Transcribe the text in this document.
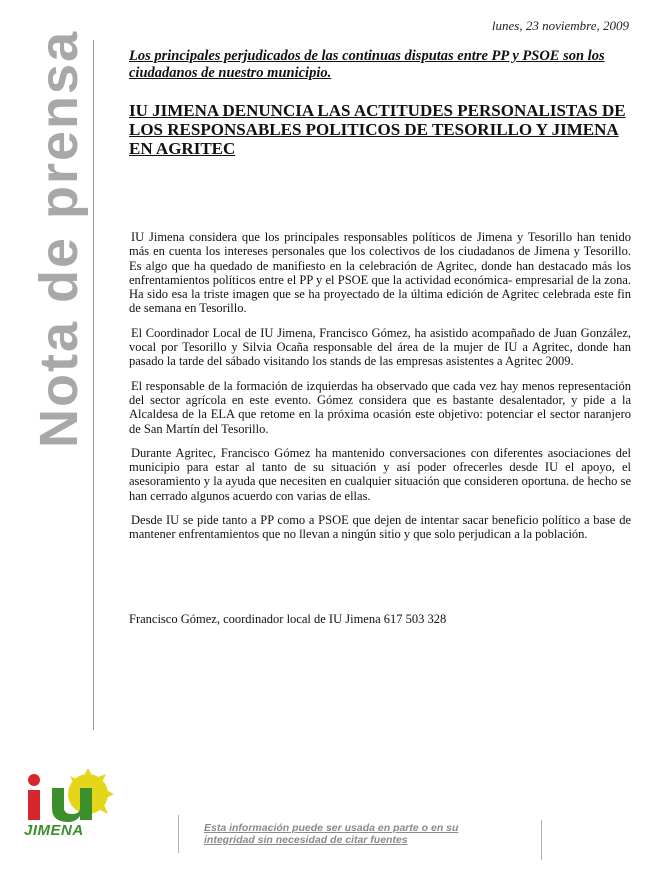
lunes, 23 noviembre, 2009
Nota de prensa	Los principales perjudicados de las continuas disputas entre PP y PSOE son los ciudadanos de nuestro municipio.
IU JIMENA DENUNCIA LAS ACTITUDES PERSONALISTAS DE LOS RESPONSABLES POLITICOS DE TESORILLO Y JIMENA EN AGRITEC

IU Jimena considera que los principales responsables políticos de Jimena y Tesorillo han tenido más en cuenta los intereses personales que los colectivos de los ciudadanos de Jimena y Tesorillo. Es algo que ha quedado de manifiesto en la celebración de Agritec, donde han destacado más los enfrentamientos políticos entre el PP y el PSOE que la actividad económica- empresarial de la zona. Ha sido esa la triste imagen que se ha proyectado de la última edición de Agritec celebrada este fin de semana en Tesorillo.

El Coordinador Local de IU Jimena, Francisco Gómez, ha asistido acompañado de Juan González, vocal por Tesorillo y Silvia Ocaña responsable del área de la mujer de IU a Agritec, donde han pasado la tarde del sábado visitando los stands de las empresas asistentes a Agritec 2009.

El responsable de la formación de izquierdas ha observado que cada vez hay menos representación del sector agrícola en este evento. Gómez considera que es bastante desalentador, y pide a la Alcaldesa de la ELA que retome en la próxima ocasión este objetivo: potenciar el sector naranjero de San Martín del Tesorillo.

Durante Agritec, Francisco Gómez ha mantenido conversaciones con diferentes asociaciones del municipio para estar al tanto de su situación y así poder ofrecerles desde IU el apoyo, el asesoramiento y la ayuda que necesiten en cualquier situación que consideren oportuna. de hecho se han cerrado algunos acuerdo con varias de ellas.

Desde IU se pide tanto a PP como a PSOE que dejen de intentar sacar beneficio político a base de mantener enfrentamientos que no llevan a ningún sitio y que solo perjudican a la población.

Francisco Gómez, coordinador local de IU Jimena 617 503 328
JIMENA	Esta información puede ser usada en parte o en su integridad sin necesidad de citar fuentes
